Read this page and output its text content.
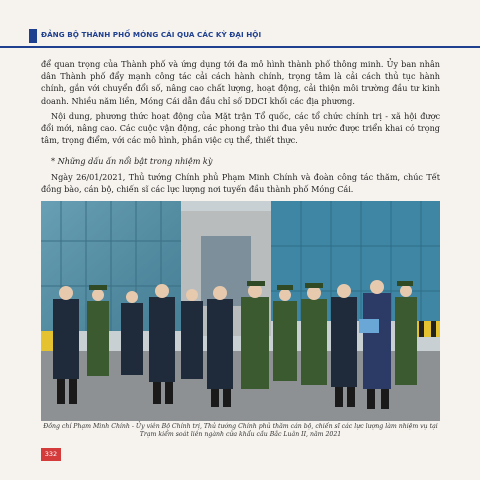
ĐẢNG BỘ THÀNH PHỐ MÓNG CÁI QUA CÁC KỲ ĐẠI HỘI

để quan trọng của Thành phố và ứng dụng tới đa mô hình thành phố thông minh. Ủy ban nhân dân Thành phố đẩy mạnh công tác cải cách hành chính, trọng tâm là cải cách thủ tục hành chính, gắn với chuyển đổi số, nâng cao chất lượng, hoạt động, cải thiện môi trường đầu tư kinh doanh. Nhiều năm liền, Móng Cái dẫn đầu chỉ số DDCI khối các địa phương.

Nội dung, phương thức hoạt động của Mặt trận Tổ quốc, các tổ chức chính trị - xã hội được đổi mới, nâng cao. Các cuộc vận động, các phong trào thi đua yêu nước được triển khai có trọng tâm, trọng điểm, với các mô hình, phần việc cụ thể, thiết thực.

* Những dấu ấn nổi bật trong nhiệm kỳ

Ngày 26/01/2021, Thủ tướng Chính phủ Phạm Minh Chính và đoàn công tác thăm, chúc Tết đồng bào, cán bộ, chiến sĩ các lực lượng nơi tuyến đầu thành phố Móng Cái.

Đồng chí Phạm Minh Chính - Ủy viên Bộ Chính trị, Thủ tướng Chính phủ thăm cán bộ, chiến sĩ các lực lượng làm nhiệm vụ tại Trạm kiểm soát liên ngành cửa khẩu cầu Bắc Luân II, năm 2021
332
